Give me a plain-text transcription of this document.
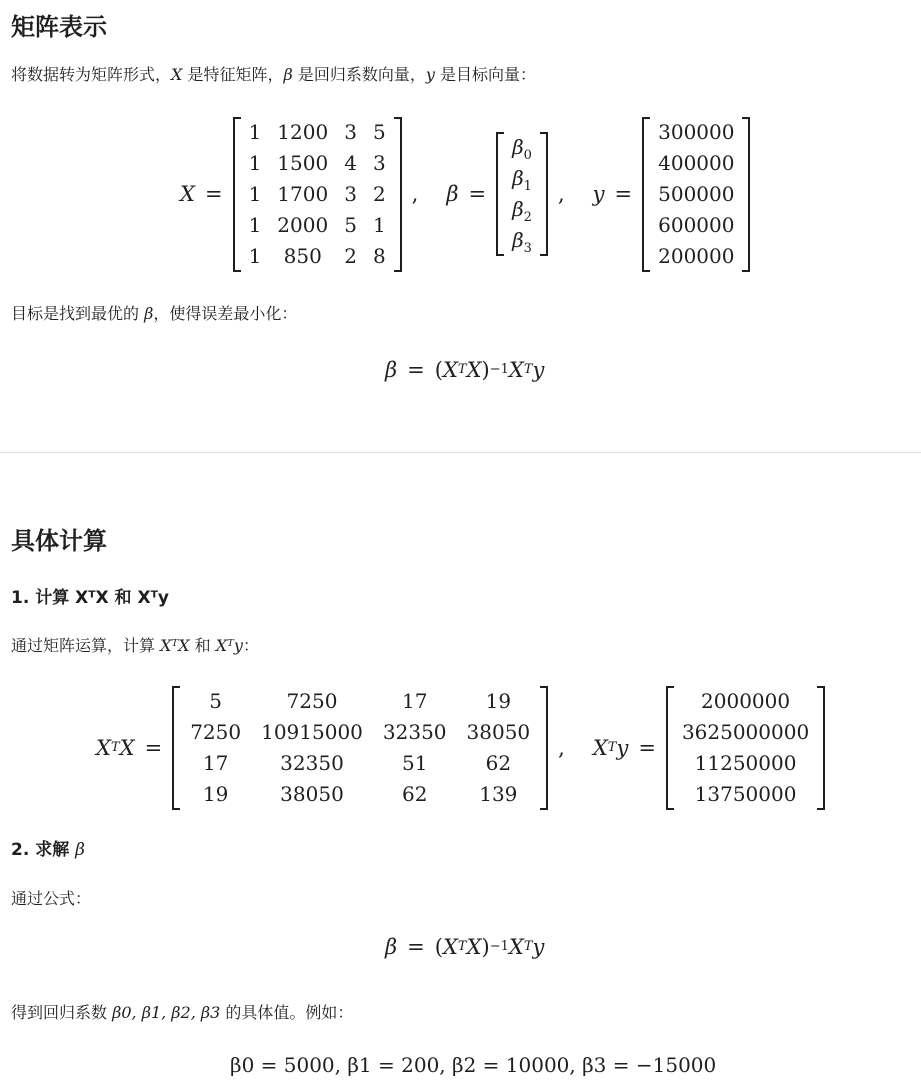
矩阵表示
将数据转为矩阵形式，X 是特征矩阵，β 是回归系数向量，y 是目标向量：
X =
1	1200	3	5
1	1500	4	3
1	1700	3	2
1	2000	5	1
1	850	2	8
, β =
$\beta_0$
$\beta_1$
$\beta_2$
$\beta_3$
, y =
300000
400000
500000
600000
200000
目标是找到最优的 β，使得误差最小化：
β = ( X T X ) −1 X T y
具体计算
1. 计算 XᵀX 和 Xᵀy
通过矩阵运算，计算 XᵀX 和 Xᵀy：
X T X =
5	7250	17	19
7250	10915000	32350	38050
17	32350	51	62
19	38050	62	139
, X T y =
2000000
3625000000
11250000
13750000
2. 求解 β
通过公式：
β = ( X T X ) −1 X T y
得到回归系数 β0, β1, β2, β3 的具体值。例如：
β0 = 5000, β1 = 200, β2 = 10000, β3 = −15000
